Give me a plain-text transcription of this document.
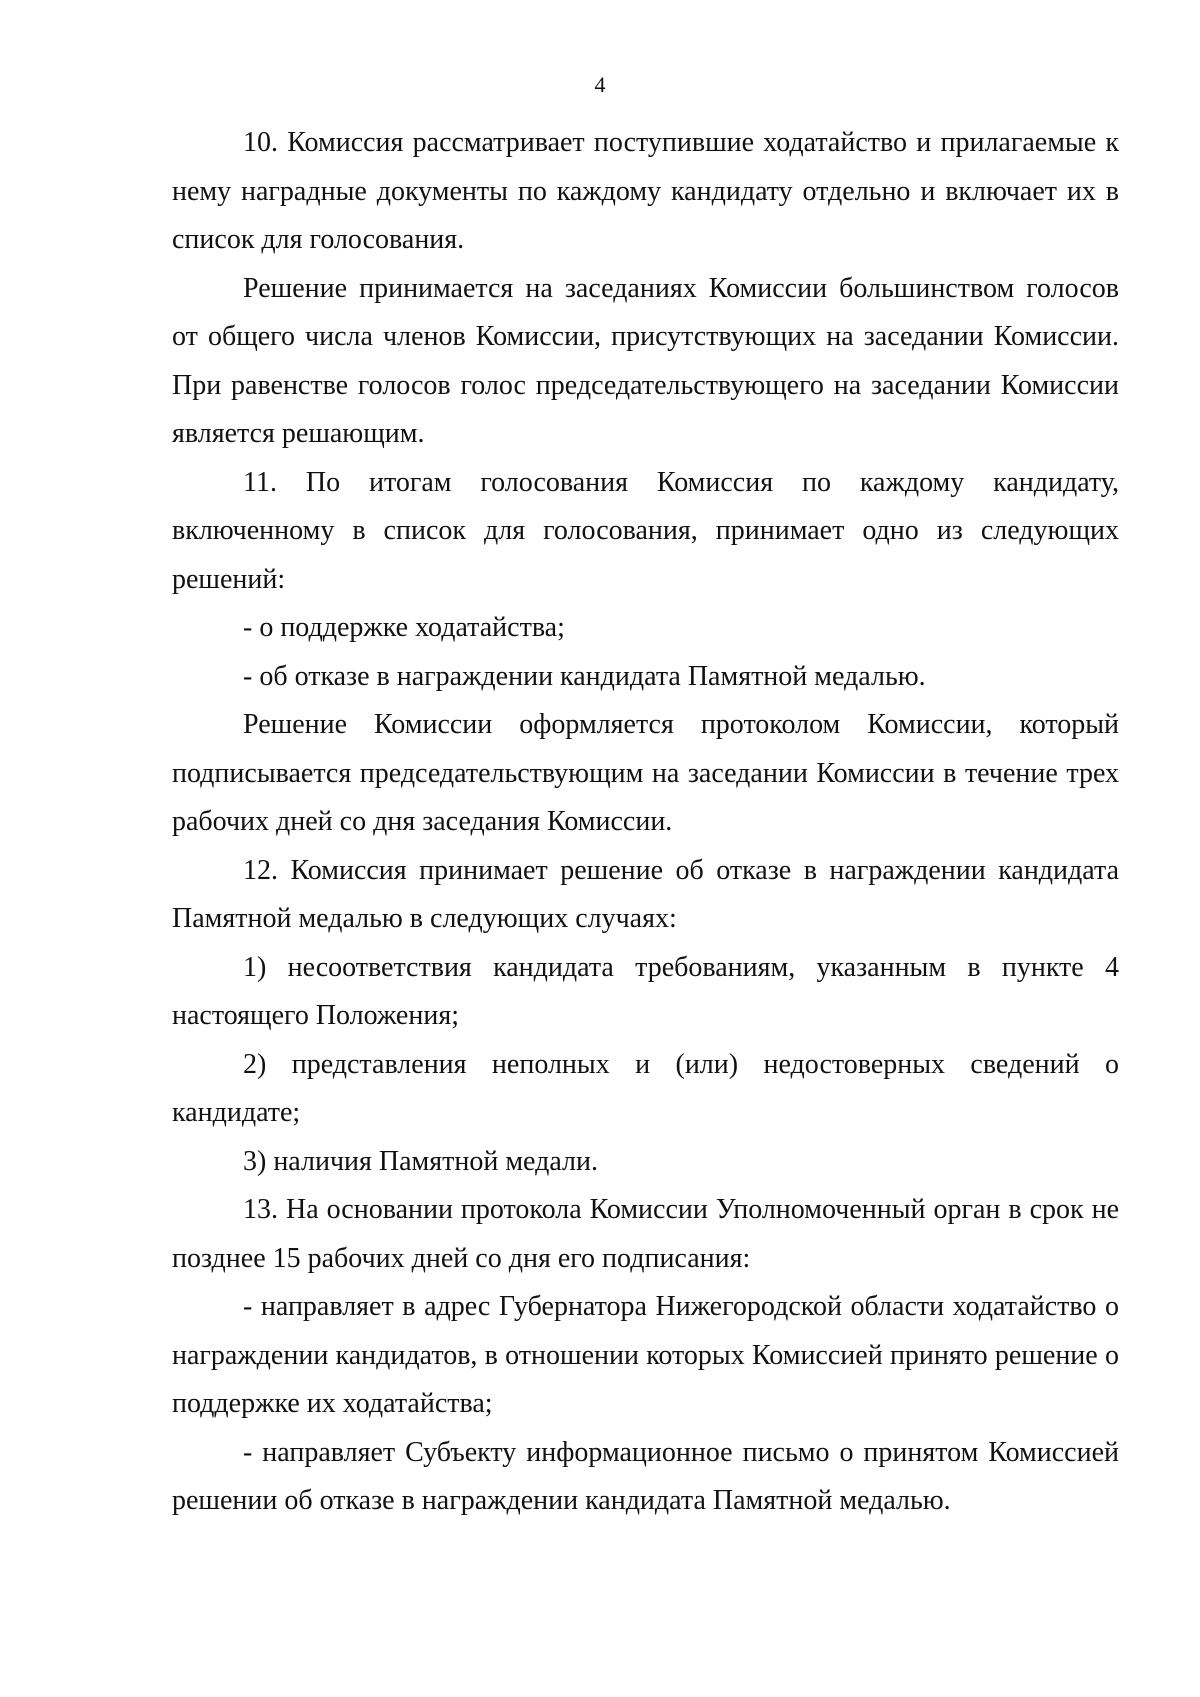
4

10. Комиссия рассматривает поступившие ходатайство и прилагаемые к нему наградные документы по каждому кандидату отдельно и включает их в список для голосования.

Решение принимается на заседаниях Комиссии большинством голосов от общего числа членов Комиссии, присутствующих на заседании Комиссии. При равенстве голосов голос председательствующего на заседании Комиссии является решающим.

11. По итогам голосования Комиссия по каждому кандидату, включенному в список для голосования, принимает одно из следующих решений:

- о поддержке ходатайства;

- об отказе в награждении кандидата Памятной медалью.

Решение Комиссии оформляется протоколом Комиссии, который подписывается председательствующим на заседании Комиссии в течение трех рабочих дней со дня заседания Комиссии.

12. Комиссия принимает решение об отказе в награждении кандидата Памятной медалью в следующих случаях:

1) несоответствия кандидата требованиям, указанным в пункте 4 настоящего Положения;

2) представления неполных и (или) недостоверных сведений о кандидате;

3) наличия Памятной медали.

13. На основании протокола Комиссии Уполномоченный орган в срок не позднее 15 рабочих дней со дня его подписания:

- направляет в адрес Губернатора Нижегородской области ходатайство о награждении кандидатов, в отношении которых Комиссией принято решение о поддержке их ходатайства;

- направляет Субъекту информационное письмо о принятом Комиссией решении об отказе в награждении кандидата Памятной медалью.
